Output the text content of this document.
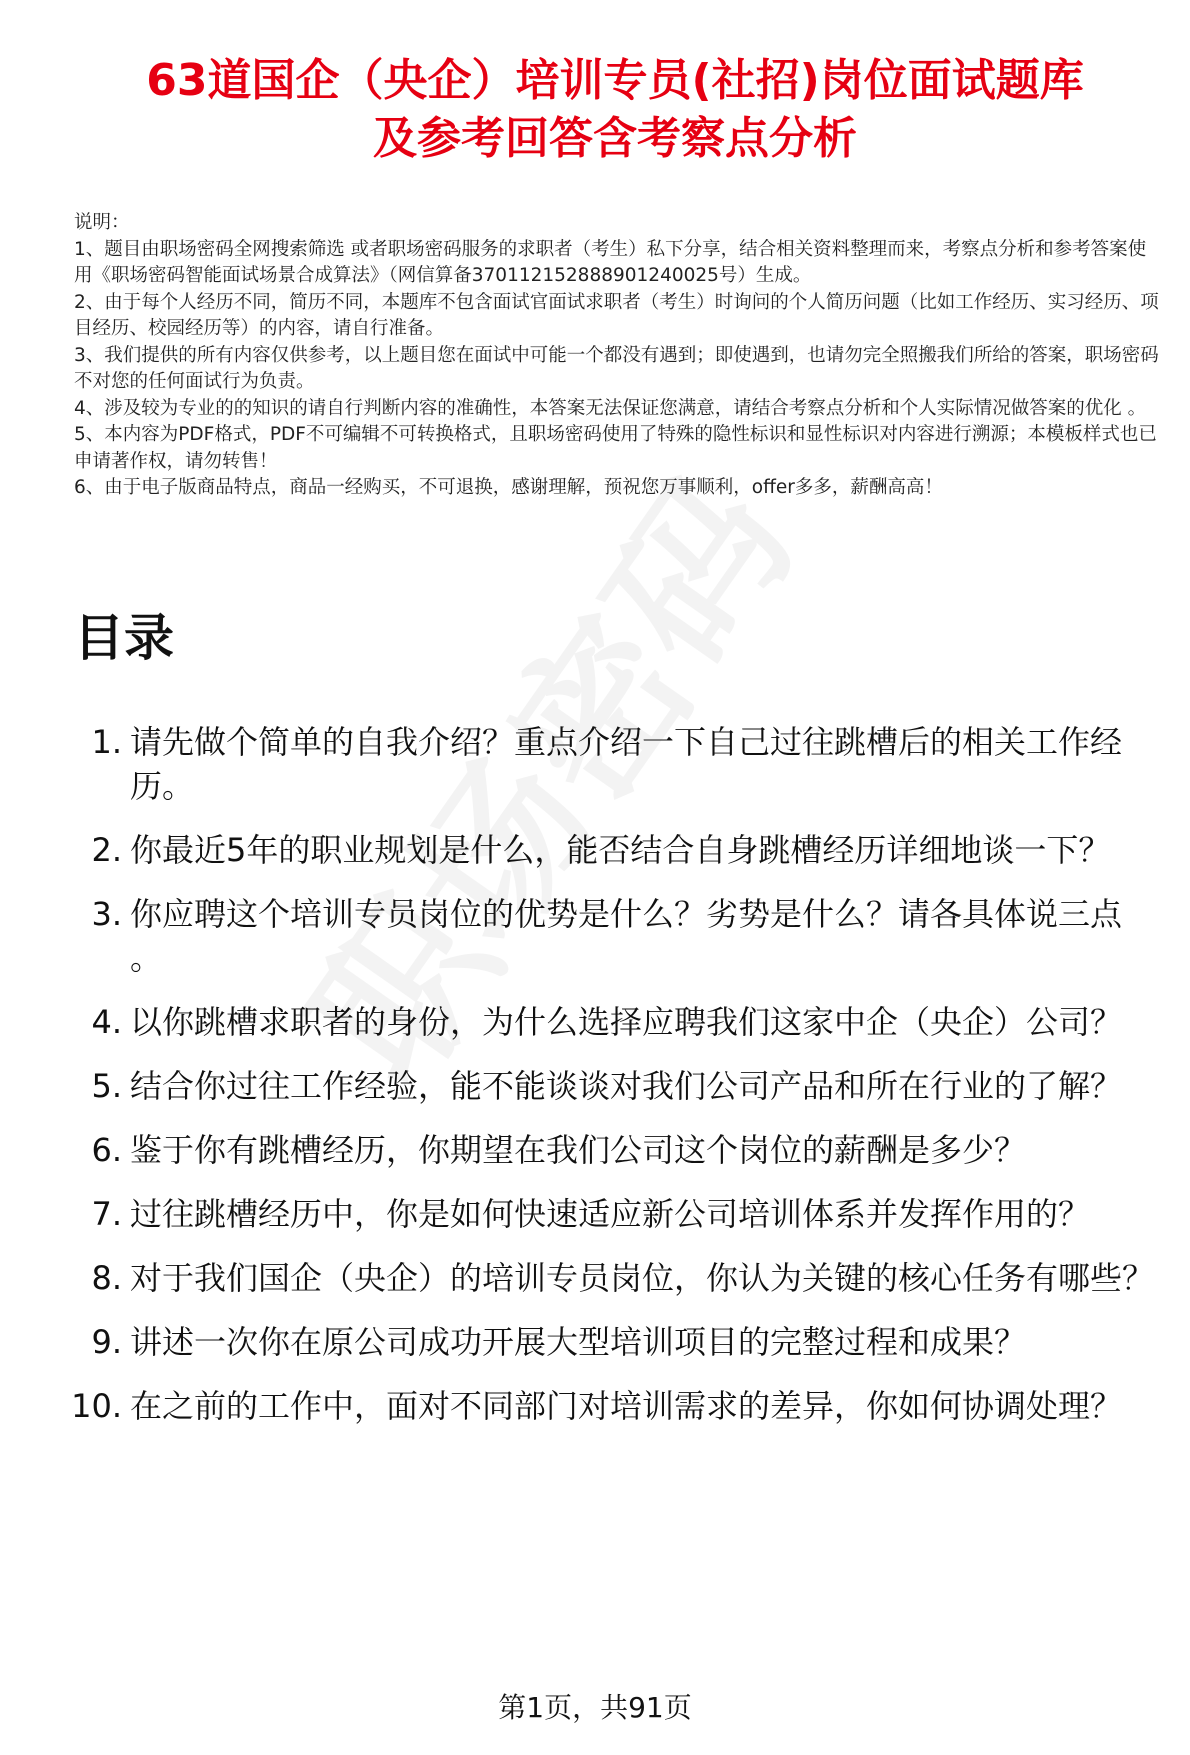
63道国企（央企）培训专员(社招)岗位面试题库
及参考回答含考察点分析
说明：
1、题目由职场密码全网搜索筛选 或者职场密码服务的求职者（考生）私下分享，结合相关资料整理而来，考察点分析和参考答案使用《职场密码智能面试场景合成算法》（网信算备370112152888901240025号）生成。
2、由于每个人经历不同，简历不同，本题库不包含面试官面试求职者（考生）时询问的个人简历问题（比如工作经历、实习经历、项目经历、校园经历等）的内容，请自行准备。
3、我们提供的所有内容仅供参考，以上题目您在面试中可能一个都没有遇到；即使遇到，也请勿完全照搬我们所给的答案，职场密码不对您的任何面试行为负责。
4、涉及较为专业的的知识的请自行判断内容的准确性，本答案无法保证您满意，请结合考察点分析和个人实际情况做答案的优化 。
5、本内容为PDF格式，PDF不可编辑不可转换格式，且职场密码使用了特殊的隐性标识和显性标识对内容进行溯源；本模板样式也已申请著作权，请勿转售！
6、由于电子版商品特点，商品一经购买，不可退换，感谢理解，预祝您万事顺利，offer多多，薪酬高高！
目录
1. 请先做个简单的自我介绍？重点介绍一下自己过往跳槽后的相关工作经历。
2. 你最近5年的职业规划是什么，能否结合自身跳槽经历详细地谈一下？
3. 你应聘这个培训专员岗位的优势是什么？劣势是什么？请各具体说三点 。
4. 以你跳槽求职者的身份，为什么选择应聘我们这家中企（央企）公司？
5. 结合你过往工作经验，能不能谈谈对我们公司产品和所在行业的了解？
6. 鉴于你有跳槽经历，你期望在我们公司这个岗位的薪酬是多少？
7. 过往跳槽经历中，你是如何快速适应新公司培训体系并发挥作用的？
8. 对于我们国企（央企）的培训专员岗位，你认为关键的核心任务有哪些？
9. 讲述一次你在原公司成功开展大型培训项目的完整过程和成果？
10. 在之前的工作中，面对不同部门对培训需求的差异，你如何协调处理？
第1页，共91页
